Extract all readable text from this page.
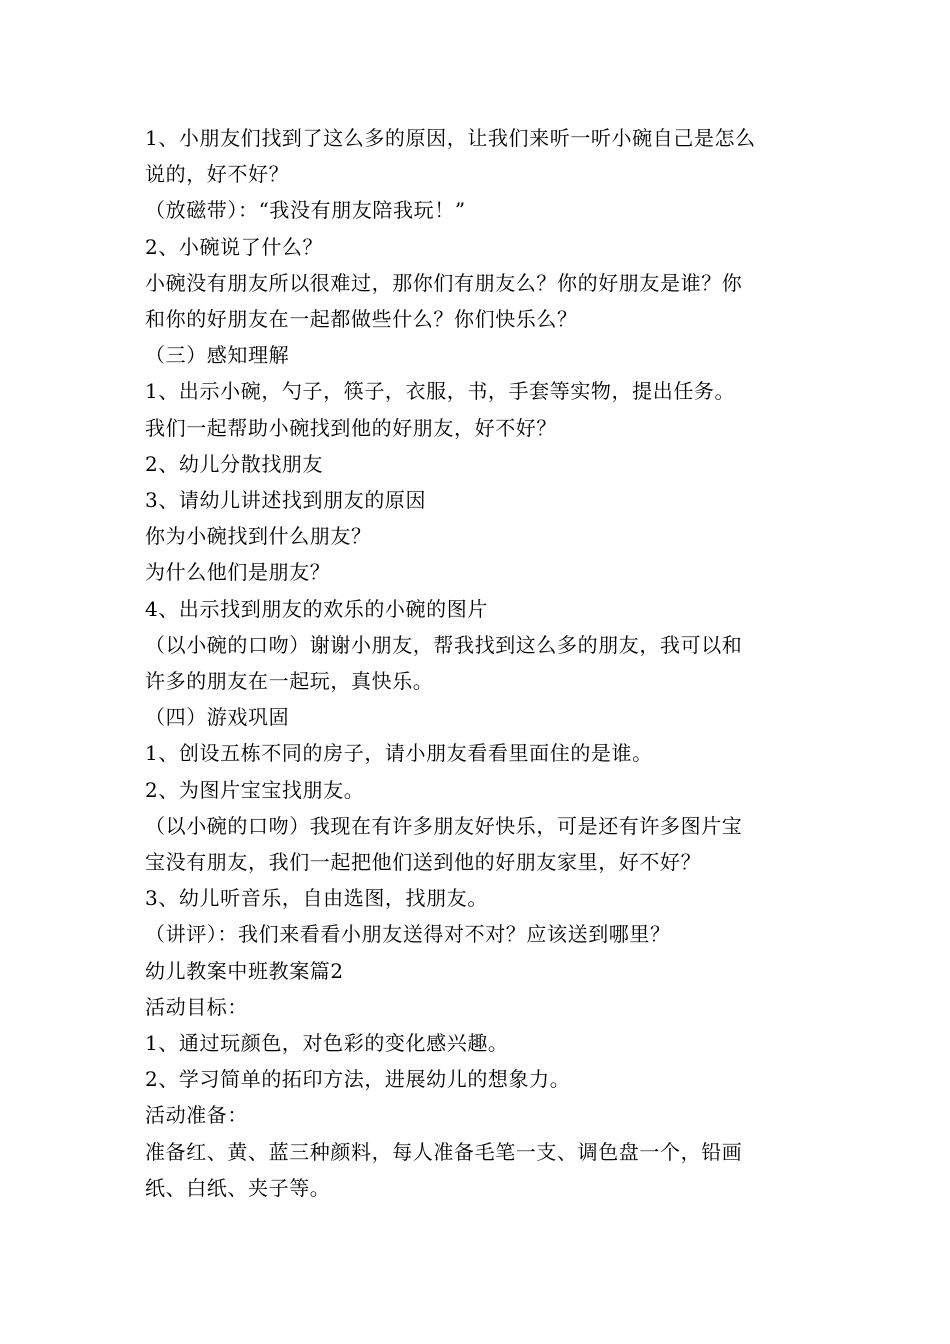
1、小朋友们找到了这么多的原因，让我们来听一听小碗自己是怎么
说的，好不好？
（放磁带）：“我没有朋友陪我玩！”
2、小碗说了什么？
小碗没有朋友所以很难过，那你们有朋友么？你的好朋友是谁？你
和你的好朋友在一起都做些什么？你们快乐么？
（三）感知理解
1、出示小碗，勺子，筷子，衣服，书，手套等实物，提出任务。
我们一起帮助小碗找到他的好朋友，好不好？
2、幼儿分散找朋友
3、请幼儿讲述找到朋友的原因
你为小碗找到什么朋友？
为什么他们是朋友？
4、出示找到朋友的欢乐的小碗的图片
（以小碗的口吻）谢谢小朋友，帮我找到这么多的朋友，我可以和
许多的朋友在一起玩，真快乐。
（四）游戏巩固
1、创设五栋不同的房子，请小朋友看看里面住的是谁。
2、为图片宝宝找朋友。
（以小碗的口吻）我现在有许多朋友好快乐，可是还有许多图片宝
宝没有朋友，我们一起把他们送到他的好朋友家里，好不好？
3、幼儿听音乐，自由选图，找朋友。
（讲评）：我们来看看小朋友送得对不对？应该送到哪里？
幼儿教案中班教案篇2
活动目标：
1、通过玩颜色，对色彩的变化感兴趣。
2、学习简单的拓印方法，进展幼儿的想象力。
活动准备：
准备红、黄、蓝三种颜料，每人准备毛笔一支、调色盘一个，铅画
纸、白纸、夹子等。
